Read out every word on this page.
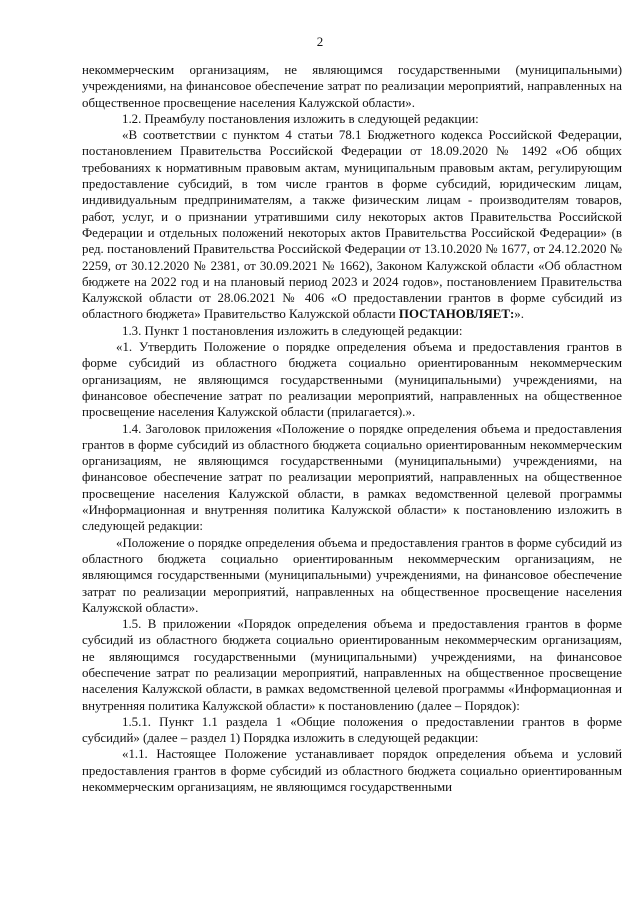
2

некоммерческим организациям, не являющимся государственными (муниципальными) учреждениями, на финансовое обеспечение затрат по реализации мероприятий, направленных на общественное просвещение населения Калужской области».

1.2. Преамбулу постановления изложить в следующей редакции:

«В соответствии с пунктом 4 статьи 78.1 Бюджетного кодекса Российской Федерации, постановлением Правительства Российской Федерации от 18.09.2020 № 1492 «Об общих требованиях к нормативным правовым актам, муниципальным правовым актам, регулирующим предоставление субсидий, в том числе грантов в форме субсидий, юридическим лицам, индивидуальным предпринимателям, а также физическим лицам - производителям товаров, работ, услуг, и о признании утратившими силу некоторых актов Правительства Российской Федерации и отдельных положений некоторых актов Правительства Российской Федерации» (в ред. постановлений Правительства Российской Федерации от 13.10.2020 № 1677, от 24.12.2020 № 2259, от 30.12.2020 № 2381, от 30.09.2021 № 1662), Законом Калужской области «Об областном бюджете на 2022 год и на плановый период 2023 и 2024 годов», постановлением Правительства Калужской области от 28.06.2021 № 406 «О предоставлении грантов в форме субсидий из областного бюджета» Правительство Калужской области ПОСТАНОВЛЯЕТ:».

1.3. Пункт 1 постановления изложить в следующей редакции:

«1. Утвердить Положение о порядке определения объема и предоставления грантов в форме субсидий из областного бюджета социально ориентированным некоммерческим организациям, не являющимся государственными (муниципальными) учреждениями, на финансовое обеспечение затрат по реализации мероприятий, направленных на общественное просвещение населения Калужской области (прилагается).».

1.4. Заголовок приложения «Положение о порядке определения объема и предоставления грантов в форме субсидий из областного бюджета социально ориентированным некоммерческим организациям, не являющимся государственными (муниципальными) учреждениями, на финансовое обеспечение затрат по реализации мероприятий, направленных на общественное просвещение населения Калужской области, в рамках ведомственной целевой программы «Информационная и внутренняя политика Калужской области» к постановлению изложить в следующей редакции:

«Положение о порядке определения объема и предоставления грантов в форме субсидий из областного бюджета социально ориентированным некоммерческим организациям, не являющимся государственными (муниципальными) учреждениями, на финансовое обеспечение затрат по реализации мероприятий, направленных на общественное просвещение населения Калужской области».

1.5. В приложении «Порядок определения объема и предоставления грантов в форме субсидий из областного бюджета социально ориентированным некоммерческим организациям, не являющимся государственными (муниципальными) учреждениями, на финансовое обеспечение затрат по реализации мероприятий, направленных на общественное просвещение населения Калужской области, в рамках ведомственной целевой программы «Информационная и внутренняя политика Калужской области» к постановлению (далее – Порядок):

1.5.1. Пункт 1.1 раздела 1 «Общие положения о предоставлении грантов в форме субсидий» (далее – раздел 1) Порядка изложить в следующей редакции:

«1.1. Настоящее Положение устанавливает порядок определения объема и условий предоставления грантов в форме субсидий из областного бюджета социально ориентированным некоммерческим организациям, не являющимся государственными
